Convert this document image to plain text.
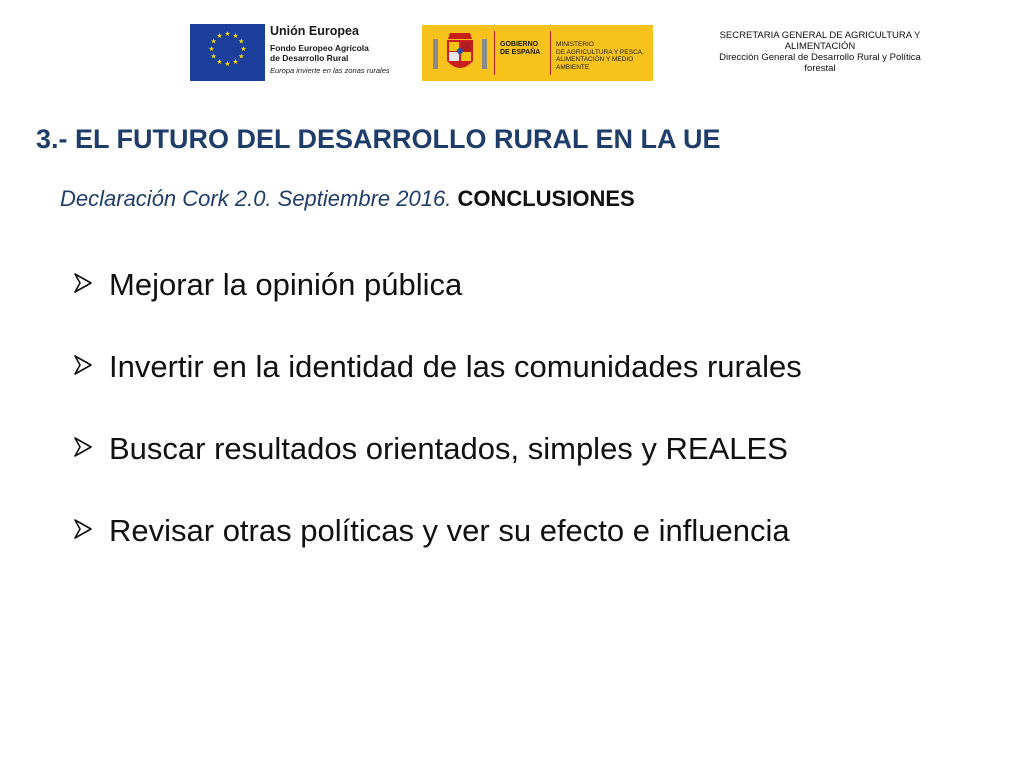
★ ★
★
★
★
★
★
★
★
★
★
★	Unión Europea
Fondo Europeo Agrícola
de Desarrollo Rural
Europa invierte en las zonas rurales
GOBIERNO
DE ESPAÑA
MINISTERIO
DE AGRICULTURA Y PESCA,
ALIMENTACIÓN Y MEDIO AMBIENTE
SECRETARIA GENERAL DE AGRICULTURA Y
ALIMENTACIÓN
Dirección General de Desarrollo Rural y Política
forestal
3.- EL FUTURO DEL DESARROLLO RURAL EN LA UE

Declaración Cork 2.0. Septiembre 2016. CONCLUSIONES

Mejorar la opinión pública
Invertir en la identidad de las comunidades rurales
Buscar resultados orientados, simples y REALES
Revisar otras políticas y ver su efecto e influencia
